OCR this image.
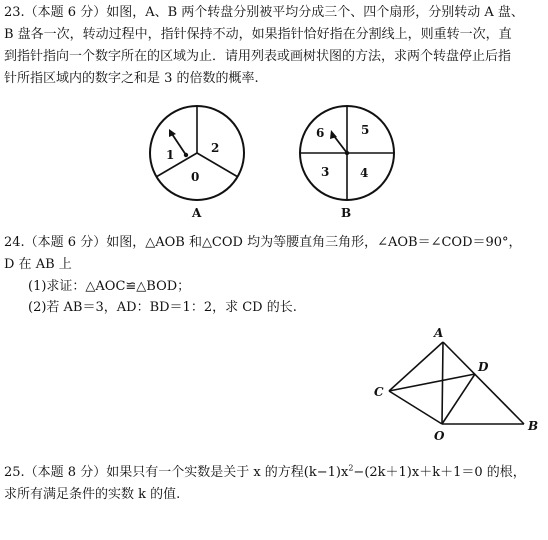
23.（本题 6 分）如图，A、B 两个转盘分别被平均分成三个、四个扇形，分别转动 A 盘、
B 盘各一次，转动过程中，指针保持不动，如果指针恰好指在分割线上，则重转一次，直
到指针指向一个数字所在的区域为止．请用列表或画树状图的方法，求两个转盘停止后指
针所指区域内的数字之和是 3 的倍数的概率.
1	2
0
A
6	5
3	4
B
A
D
C
O
B
24.（本题 6 分）如图，△AOB 和△COD 均为等腰直角三角形，∠AOB＝∠COD＝90°，
D 在 AB 上
(1)求证：△AOC≌△BOD；
(2)若 AB＝3，AD：BD＝1：2，求 CD 的长.
25.（本题 8 分）如果只有一个实数是关于 x 的方程$(k-1)x^2-(2k+1)x+k+1=0$ 的根，
求所有满足条件的实数 k 的值.
